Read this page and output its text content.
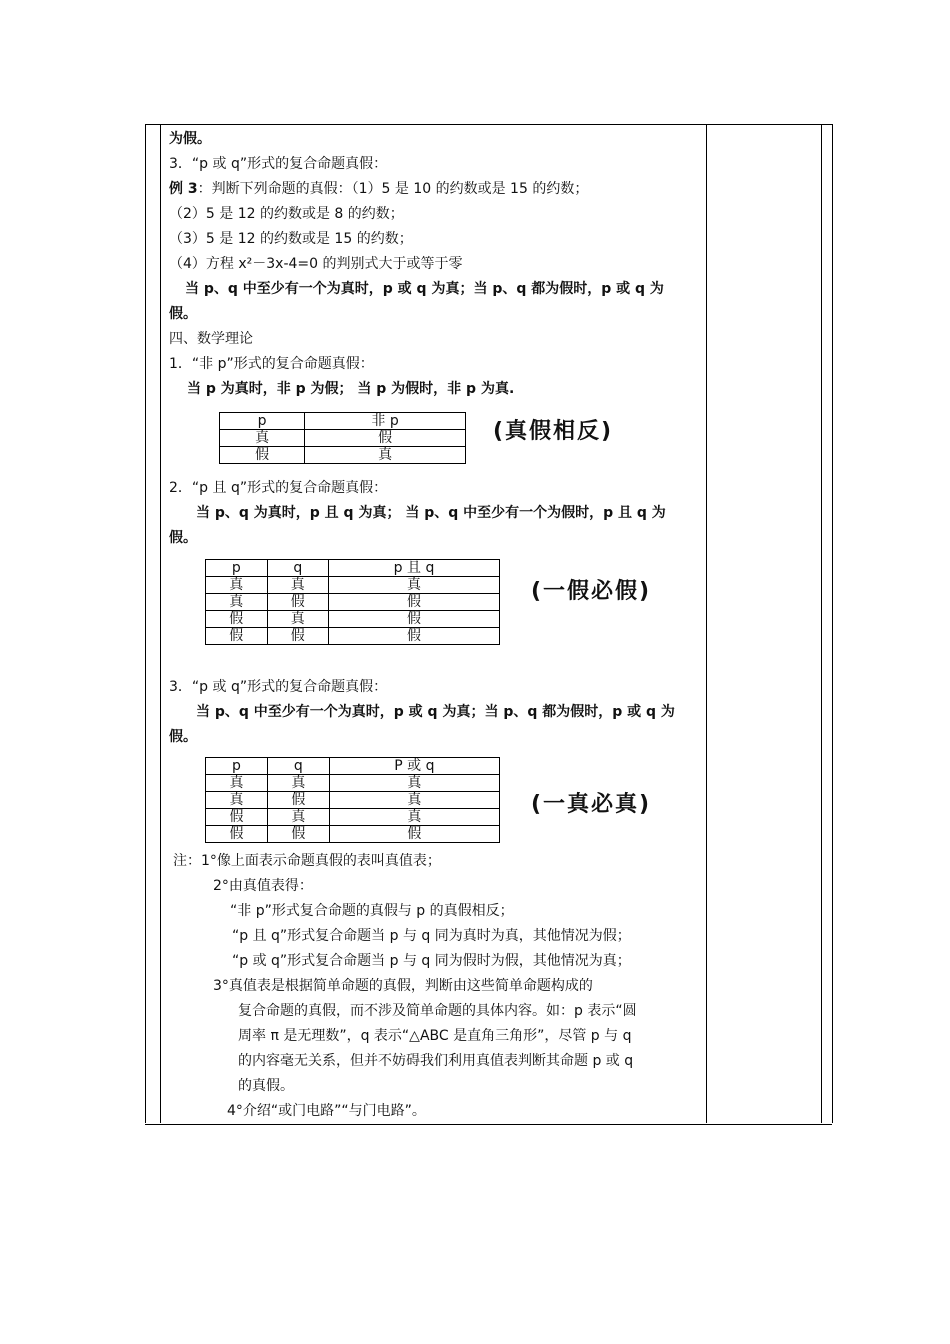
为假。
3．“p 或 q”形式的复合命题真假：
例 3：判断下列命题的真假：（1）5 是 10 的约数或是 15 的约数；
（2）5 是 12 的约数或是 8 的约数；
（3）5 是 12 的约数或是 15 的约数；
（4）方程 x²－3x-4=0 的判别式大于或等于零
当 p、q 中至少有一个为真时，p 或 q 为真；当 p、q 都为假时，p 或 q 为
假。
四、数学理论
1．“非 p”形式的复合命题真假：
当 p 为真时，非 p 为假； 当 p 为假时，非 p 为真.
p	非 p
真	假
假	真
(真假相反)
2．“p 且 q”形式的复合命题真假：
当 p、q 为真时，p 且 q 为真； 当 p、q 中至少有一个为假时，p 且 q 为
假。
p	q	p 且 q
真	真	真
真	假	假
假	真	假
假	假	假
(一假必假)
3．“p 或 q”形式的复合命题真假：
当 p、q 中至少有一个为真时，p 或 q 为真；当 p、q 都为假时，p 或 q 为
假。
p	q	P 或 q
真	真	真
真	假	真
假	真	真
假	假	假
(一真必真)
注：1°像上面表示命题真假的表叫真值表；
2°由真值表得：
“非 p”形式复合命题的真假与 p 的真假相反；
“p 且 q”形式复合命题当 p 与 q 同为真时为真，其他情况为假；
“p 或 q”形式复合命题当 p 与 q 同为假时为假，其他情况为真；
3°真值表是根据简单命题的真假，判断由这些简单命题构成的
复合命题的真假，而不涉及简单命题的具体内容。如：p 表示“圆
周率 π 是无理数”，q 表示“△ABC 是直角三角形”，尽管 p 与 q
的内容毫无关系，但并不妨碍我们利用真值表判断其命题 p 或 q
的真假。
4°介绍“或门电路”“与门电路”。
